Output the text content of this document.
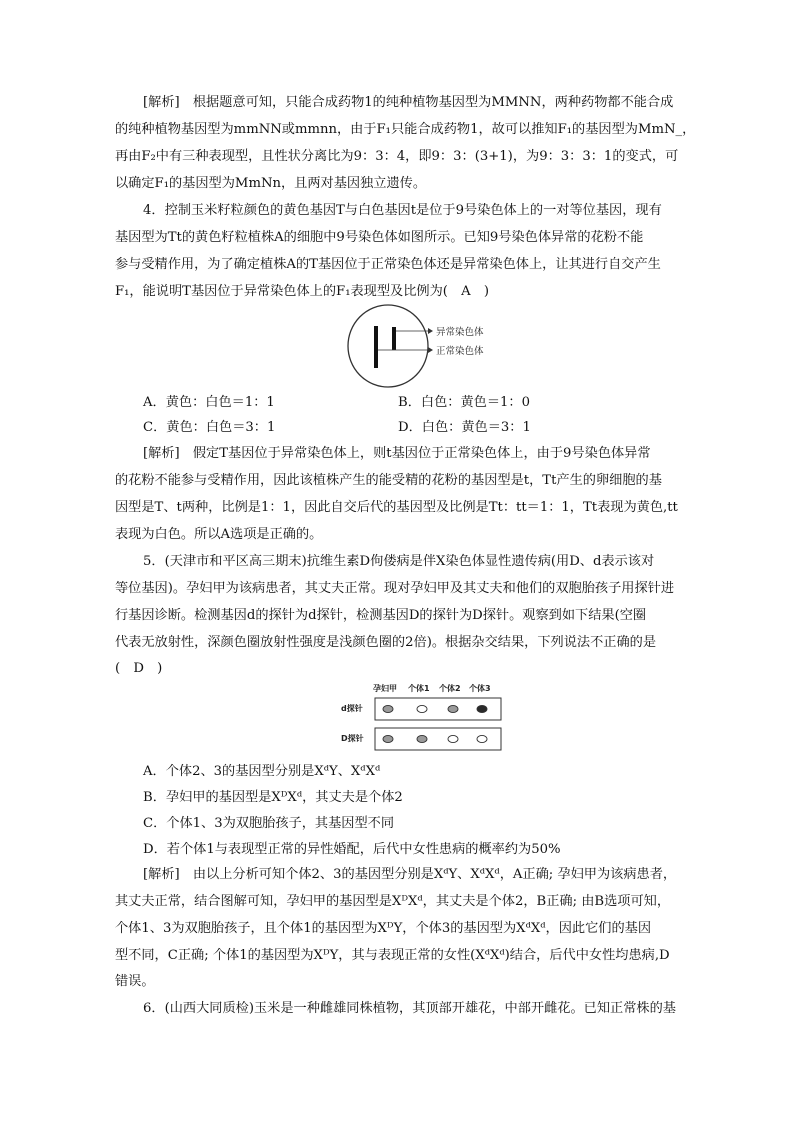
[解析]　根据题意可知，只能合成药物1的纯种植物基因型为MMNN，两种药物都不能合成
的纯种植物基因型为mmNN或mmnn，由于F₁只能合成药物1，故可以推知F₁的基因型为MmN_，
再由F₂中有三种表现型，且性状分离比为9：3：4，即9：3：(3+1)，为9：3：3：1的变式，可
以确定F₁的基因型为MmNn，且两对基因独立遗传。
4．控制玉米籽粒颜色的黄色基因T与白色基因t是位于9号染色体上的一对等位基因，现有
基因型为Tt的黄色籽粒植株A的细胞中9号染色体如图所示。已知9号染色体异常的花粉不能
参与受精作用，为了确定植株A的T基因位于正常染色体还是异常染色体上，让其进行自交产生
F₁，能说明T基因位于异常染色体上的F₁表现型及比例为(　A　)
异常染色体
正常染色体
A．黄色：白色＝1：1	B．白色：黄色＝1：0
C．黄色：白色＝3：1	D．白色：黄色＝3：1
[解析]　假定T基因位于异常染色体上，则t基因位于正常染色体上，由于9号染色体异常
的花粉不能参与受精作用，因此该植株产生的能受精的花粉的基因型是t，Tt产生的卵细胞的基
因型是T、t两种，比例是1：1，因此自交后代的基因型及比例是Tt：tt＝1：1，Tt表现为黄色,tt
表现为白色。所以A选项是正确的。
5．(天津市和平区高三期末)抗维生素D佝偻病是伴X染色体显性遗传病(用D、d表示该对
等位基因)。孕妇甲为该病患者，其丈夫正常。现对孕妇甲及其丈夫和他们的双胞胎孩子用探针进
行基因诊断。检测基因d的探针为d探针，检测基因D的探针为D探针。观察到如下结果(空圈
代表无放射性，深颜色圈放射性强度是浅颜色圈的2倍)。根据杂交结果，下列说法不正确的是
(　D　)
孕妇甲 个体1 个体2 个体3
d探针
D探针
A．个体2、3的基因型分别是XᵈY、XᵈXᵈ
B．孕妇甲的基因型是XᴰXᵈ，其丈夫是个体2
C．个体1、3为双胞胎孩子，其基因型不同
D．若个体1与表现型正常的异性婚配，后代中女性患病的概率约为50%
[解析]　由以上分析可知个体2、3的基因型分别是XᵈY、XᵈXᵈ，A正确; 孕妇甲为该病患者，
其丈夫正常，结合图解可知，孕妇甲的基因型是XᴰXᵈ，其丈夫是个体2，B正确; 由B选项可知，
个体1、3为双胞胎孩子，且个体1的基因型为XᴰY，个体3的基因型为XᵈXᵈ，因此它们的基因
型不同，C正确; 个体1的基因型为XᴰY，其与表现正常的女性(XᵈXᵈ)结合，后代中女性均患病,D
错误。
6．(山西大同质检)玉米是一种雌雄同株植物，其顶部开雄花，中部开雌花。已知正常株的基
